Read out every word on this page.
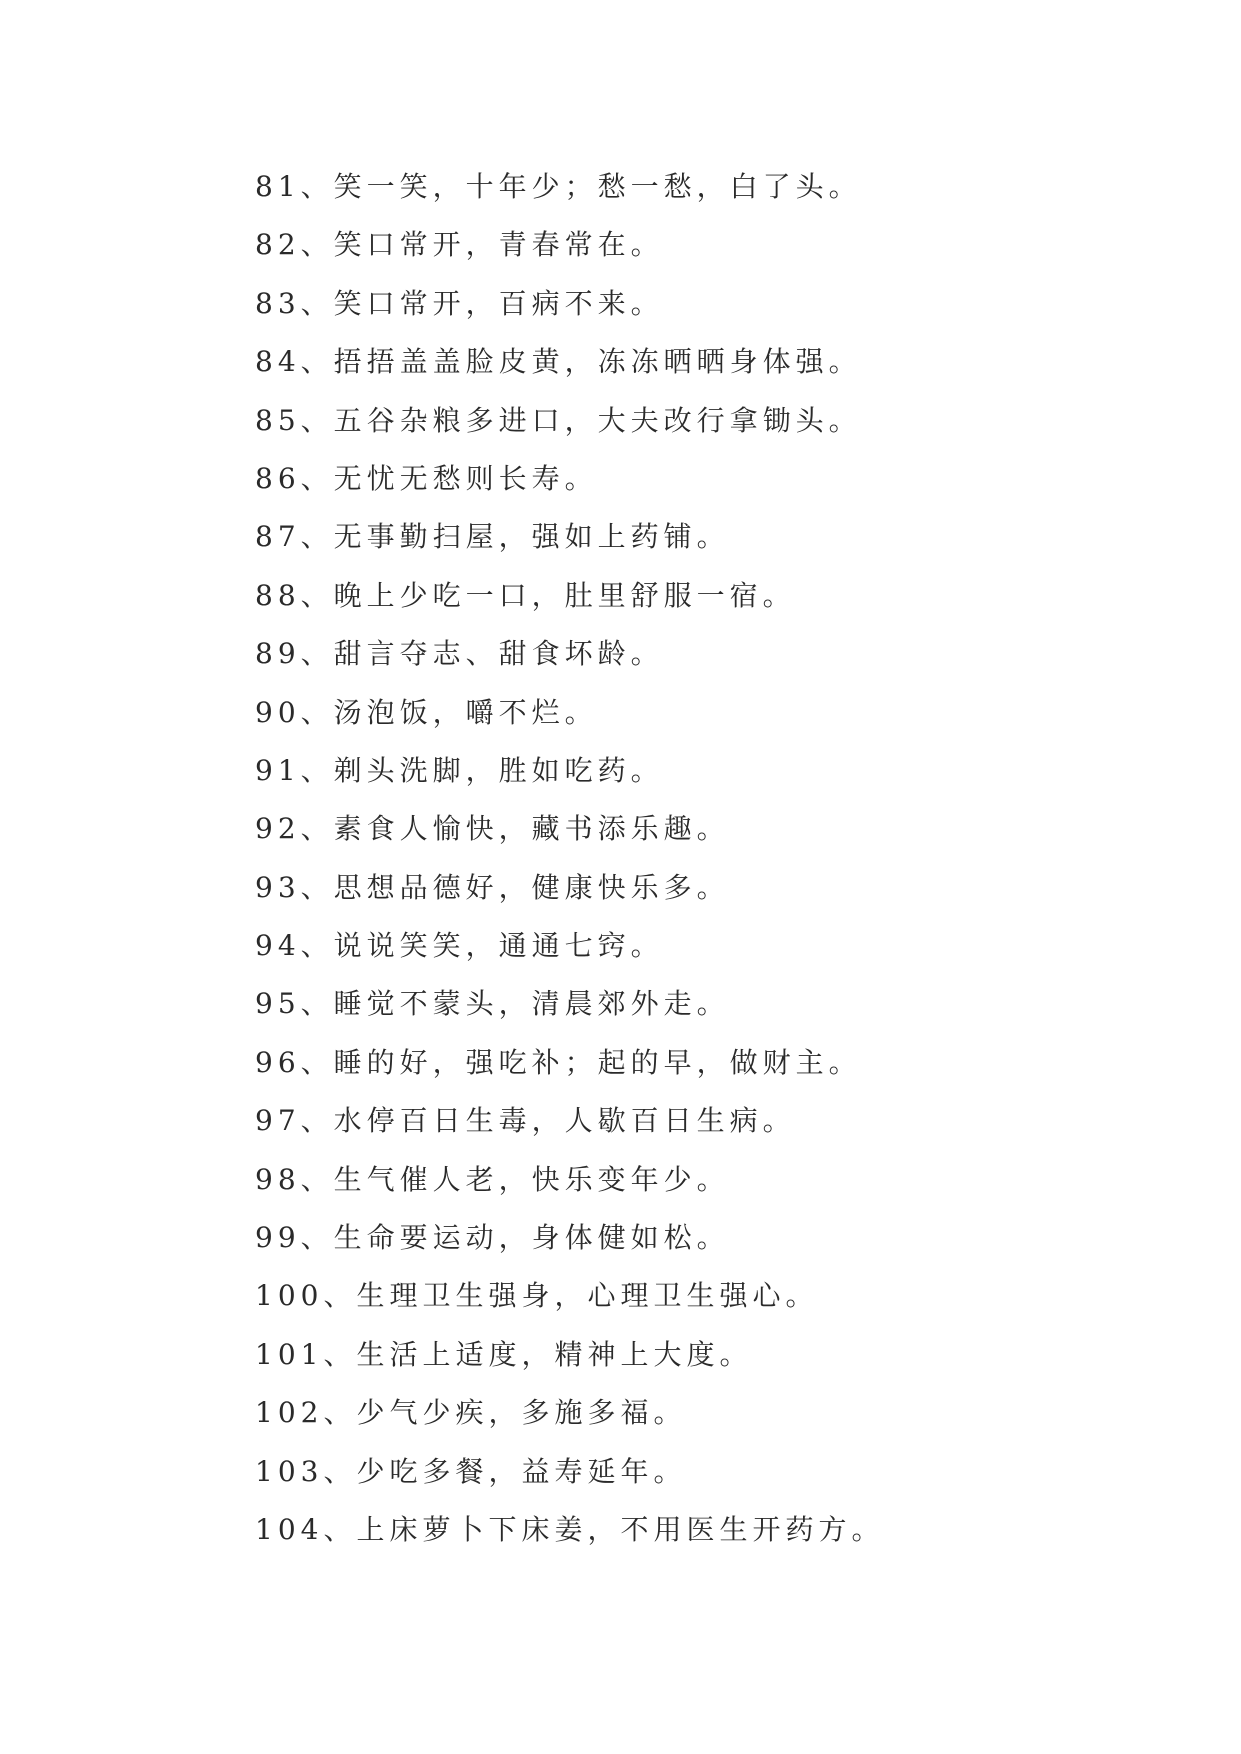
81、笑一笑，十年少；愁一愁，白了头。
82、笑口常开，青春常在。
83、笑口常开，百病不来。
84、捂捂盖盖脸皮黄，冻冻晒晒身体强。
85、五谷杂粮多进口，大夫改行拿锄头。
86、无忧无愁则长寿。
87、无事勤扫屋，强如上药铺。
88、晚上少吃一口，肚里舒服一宿。
89、甜言夺志、甜食坏龄。
90、汤泡饭，嚼不烂。
91、剃头洗脚，胜如吃药。
92、素食人愉快，藏书添乐趣。
93、思想品德好，健康快乐多。
94、说说笑笑，通通七窍。
95、睡觉不蒙头，清晨郊外走。
96、睡的好，强吃补；起的早，做财主。
97、水停百日生毒，人歇百日生病。
98、生气催人老，快乐变年少。
99、生命要运动，身体健如松。
100、生理卫生强身，心理卫生强心。
101、生活上适度，精神上大度。
102、少气少疾，多施多福。
103、少吃多餐，益寿延年。
104、上床萝卜下床姜，不用医生开药方。
